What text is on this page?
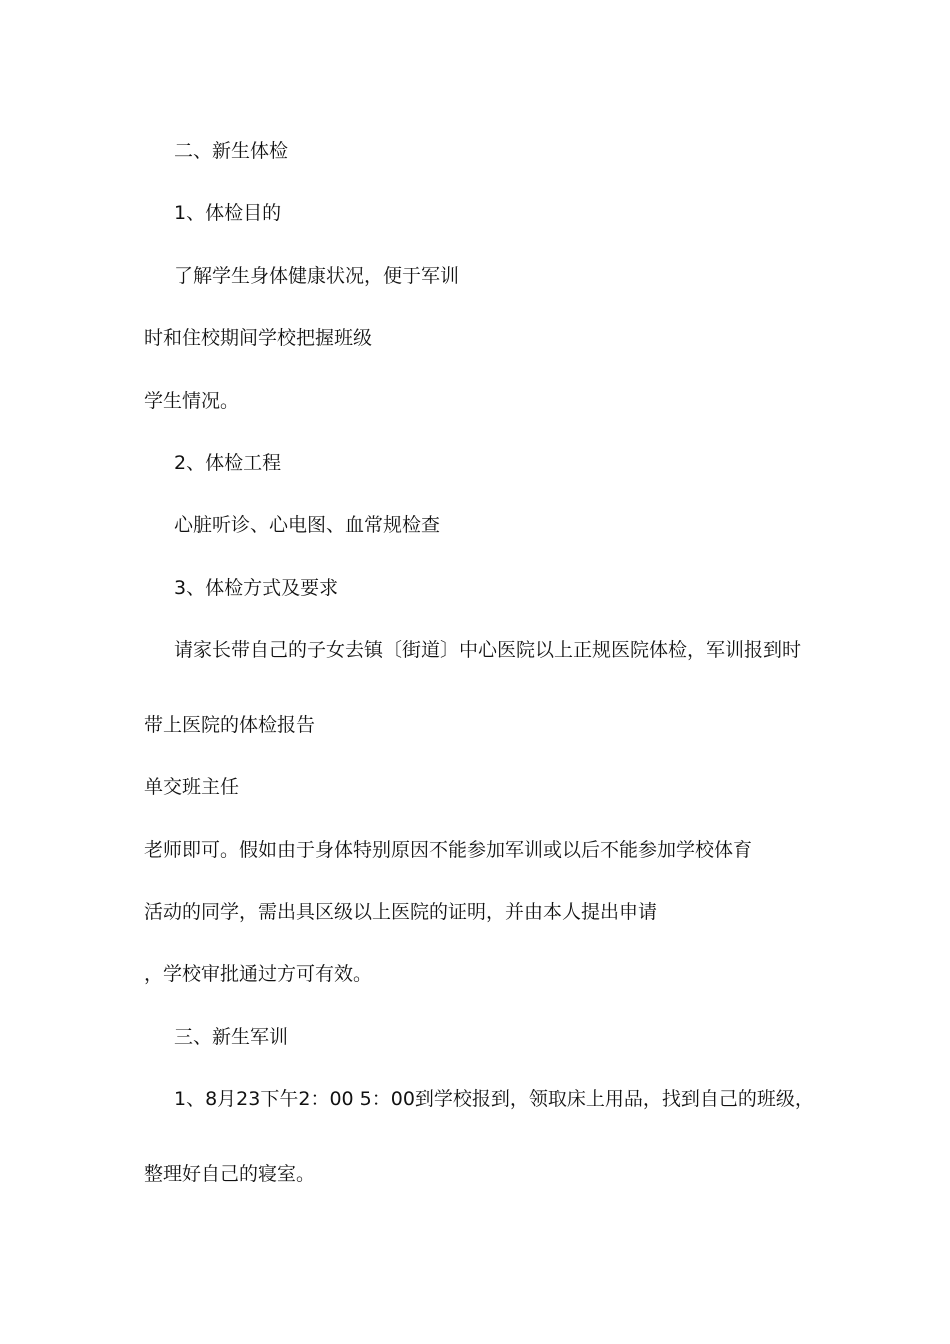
二、新生体检
1、体检目的
了解学生身体健康状况，便于军训
时和住校期间学校把握班级
学生情况。
2、体检工程
心脏听诊、心电图、血常规检查
3、体检方式及要求
请家长带自己的子女去镇〔街道〕中心医院以上正规医院体检，军训报到时
带上医院的体检报告
单交班主任
老师即可。假如由于身体特别原因不能参加军训或以后不能参加学校体育
活动的同学，需出具区级以上医院的证明，并由本人提出申请
，学校审批通过方可有效。
三、新生军训
1、8月23下午2：00 5：00到学校报到，领取床上用品，找到自己的班级，
整理好自己的寝室。
